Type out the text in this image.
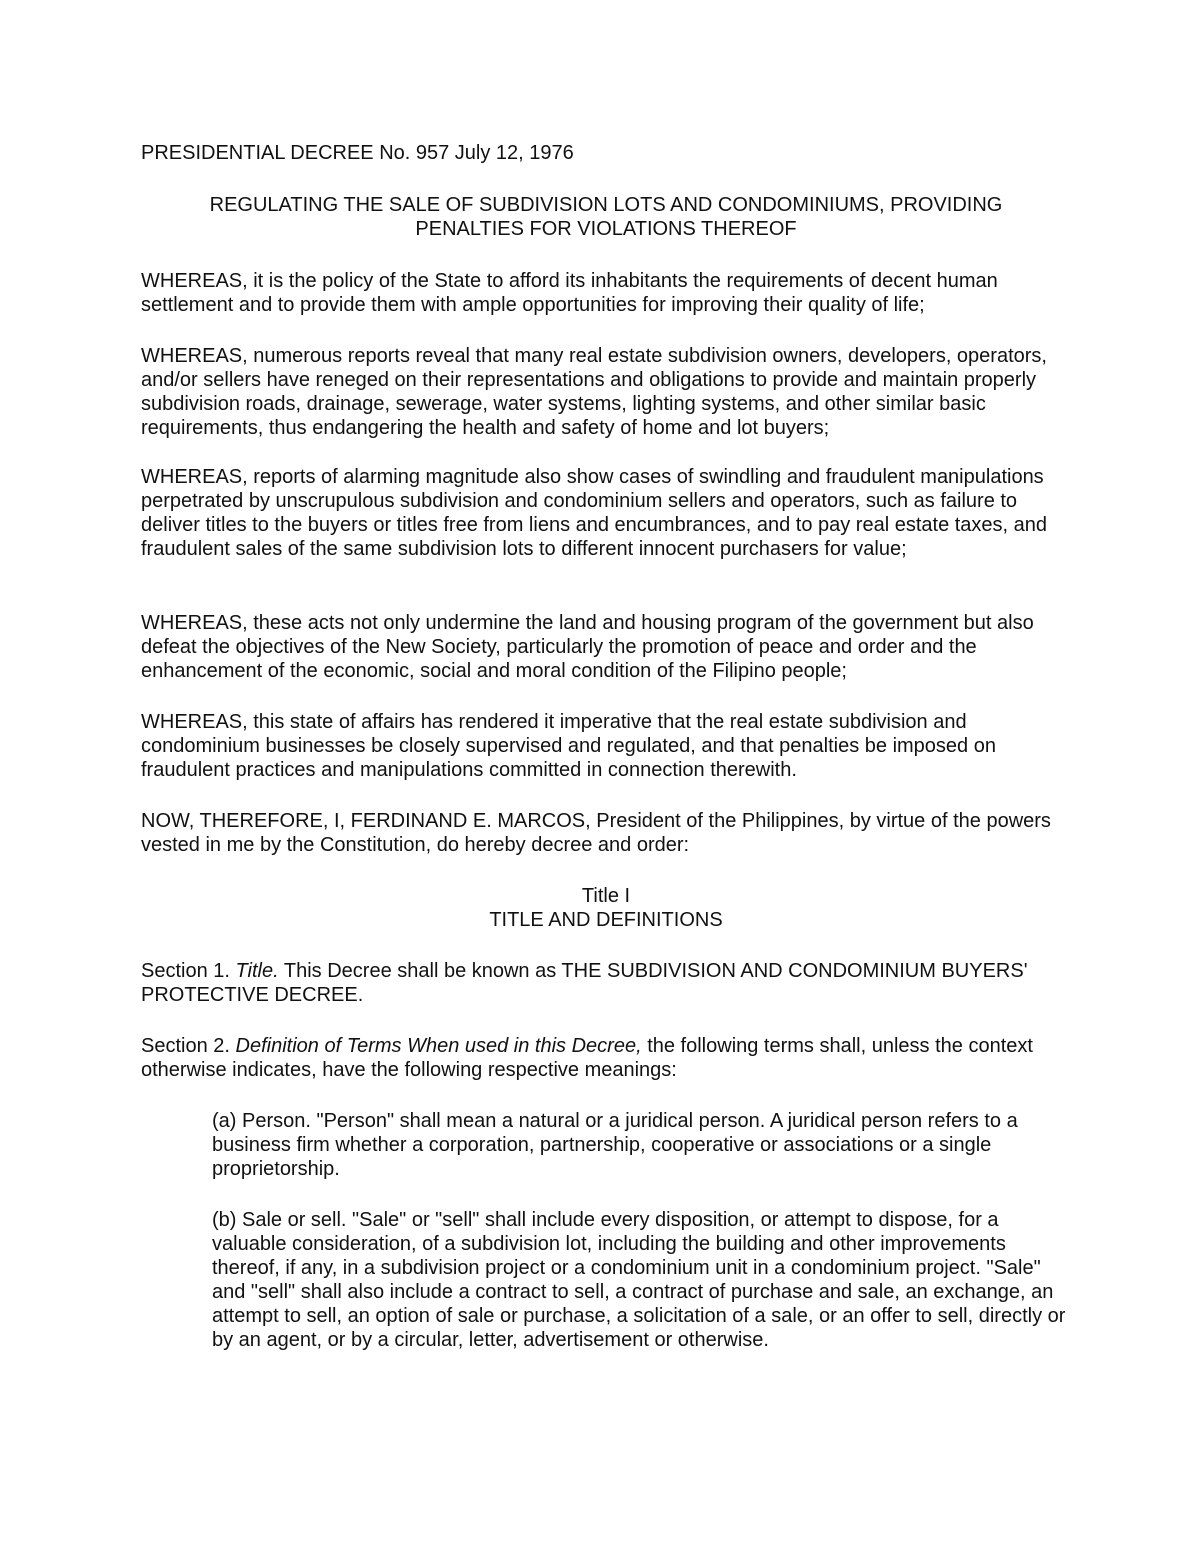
PRESIDENTIAL DECREE No. 957 July 12, 1976

REGULATING THE SALE OF SUBDIVISION LOTS AND CONDOMINIUMS, PROVIDING

PENALTIES FOR VIOLATIONS THEREOF

WHEREAS, it is the policy of the State to afford its inhabitants the requirements of decent human settlement and to provide them with ample opportunities for improving their quality of life;

WHEREAS, numerous reports reveal that many real estate subdivision owners, developers, operators, and/or sellers have reneged on their representations and obligations to provide and maintain properly subdivision roads, drainage, sewerage, water systems, lighting systems, and other similar basic requirements, thus endangering the health and safety of home and lot buyers;

WHEREAS, reports of alarming magnitude also show cases of swindling and fraudulent manipulations perpetrated by unscrupulous subdivision and condominium sellers and operators, such as failure to deliver titles to the buyers or titles free from liens and encumbrances, and to pay real estate taxes, and fraudulent sales of the same subdivision lots to different innocent purchasers for value;

WHEREAS, these acts not only undermine the land and housing program of the government but also defeat the objectives of the New Society, particularly the promotion of peace and order and the enhancement of the economic, social and moral condition of the Filipino people;

WHEREAS, this state of affairs has rendered it imperative that the real estate subdivision and condominium businesses be closely supervised and regulated, and that penalties be imposed on fraudulent practices and manipulations committed in connection therewith.

NOW, THEREFORE, I, FERDINAND E. MARCOS, President of the Philippines, by virtue of the powers vested in me by the Constitution, do hereby decree and order:

Title I

TITLE AND DEFINITIONS

Section 1. Title. This Decree shall be known as THE SUBDIVISION AND CONDOMINIUM BUYERS' PROTECTIVE DECREE.

Section 2. Definition of Terms When used in this Decree, the following terms shall, unless the context otherwise indicates, have the following respective meanings:

(a) Person. "Person" shall mean a natural or a juridical person. A juridical person refers to a business firm whether a corporation, partnership, cooperative or associations or a single proprietorship.

(b) Sale or sell. "Sale" or "sell" shall include every disposition, or attempt to dispose, for a valuable consideration, of a subdivision lot, including the building and other improvements thereof, if any, in a subdivision project or a condominium unit in a condominium project. "Sale" and "sell" shall also include a contract to sell, a contract of purchase and sale, an exchange, an attempt to sell, an option of sale or purchase, a solicitation of a sale, or an offer to sell, directly or by an agent, or by a circular, letter, advertisement or otherwise.
